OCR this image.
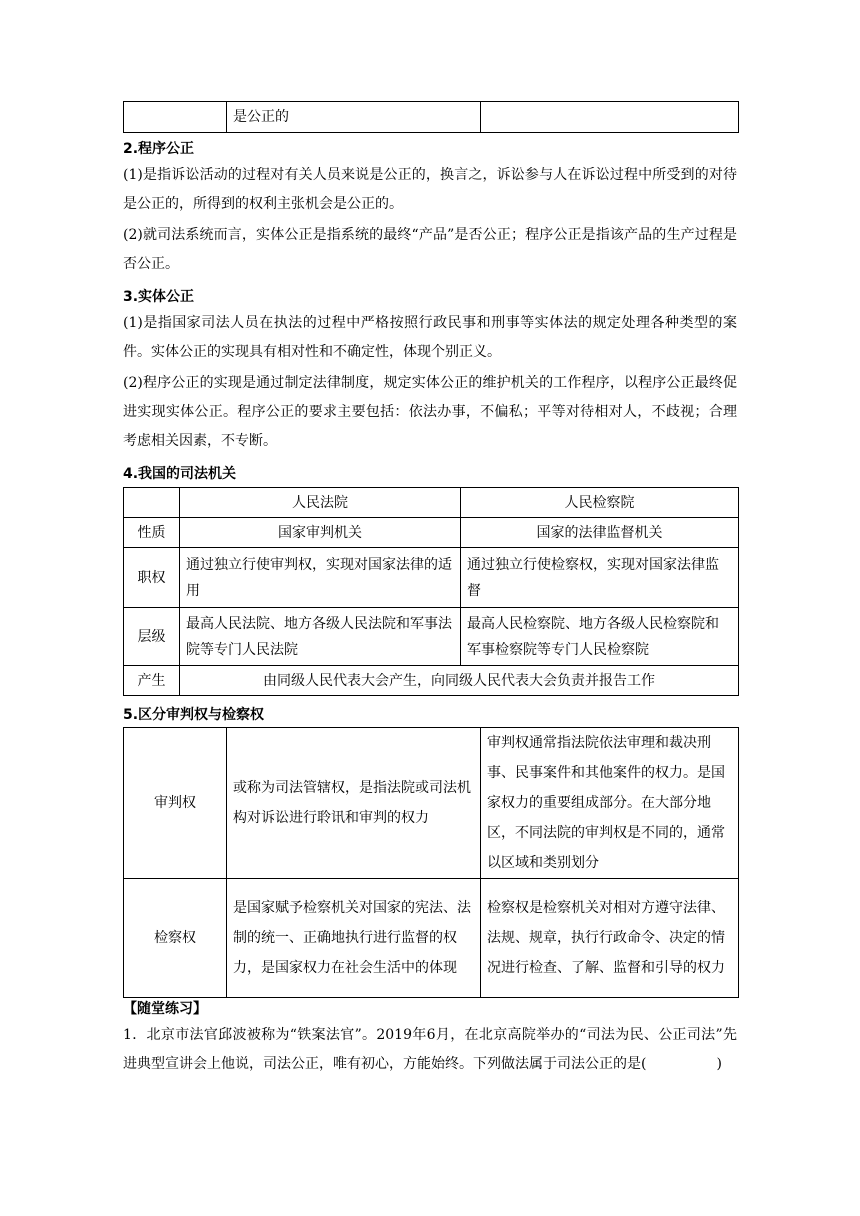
	是公正的	
2.程序公正
(1)是指诉讼活动的过程对有关人员来说是公正的，换言之，诉讼参与人在诉讼过程中所受到的对待是公正的，所得到的权利主张机会是公正的。
(2)就司法系统而言，实体公正是指系统的最终“产品”是否公正；程序公正是指该产品的生产过程是否公正。
3.实体公正
(1)是指国家司法人员在执法的过程中严格按照行政民事和刑事等实体法的规定处理各种类型的案件。实体公正的实现具有相对性和不确定性，体现个别正义。
(2)程序公正的实现是通过制定法律制度，规定实体公正的维护机关的工作程序，以程序公正最终促进实现实体公正。程序公正的要求主要包括：依法办事，不偏私；平等对待相对人，不歧视；合理考虑相关因素，不专断。
4.我国的司法机关
	人民法院	人民检察院
性质	国家审判机关	国家的法律监督机关
职权	通过独立行使审判权，实现对国家法律的适用	通过独立行使检察权，实现对国家法律监督
层级	最高人民法院、地方各级人民法院和军事法院等专门人民法院	最高人民检察院、地方各级人民检察院和军事检察院等专门人民检察院
产生	由同级人民代表大会产生，向同级人民代表大会负责并报告工作	
5.区分审判权与检察权
审判权	或称为司法管辖权，是指法院或司法机构对诉讼进行聆讯和审判的权力	审判权通常指法院依法审理和裁决刑事、民事案件和其他案件的权力。是国家权力的重要组成部分。在大部分地区，不同法院的审判权是不同的，通常以区域和类别划分
检察权	是国家赋予检察机关对国家的宪法、法制的统一、正确地执行进行监督的权力，是国家权力在社会生活中的体现	检察权是检察机关对相对方遵守法律、法规、规章，执行行政命令、决定的情况进行检查、了解、监督和引导的权力
【随堂练习】
1．北京市法官邱波被称为“铁案法官”。2019年6月，在北京高院举办的“司法为民、公正司法”先进典型宣讲会上他说，司法公正，唯有初心，方能始终。下列做法属于司法公正的是(　　　　　)
